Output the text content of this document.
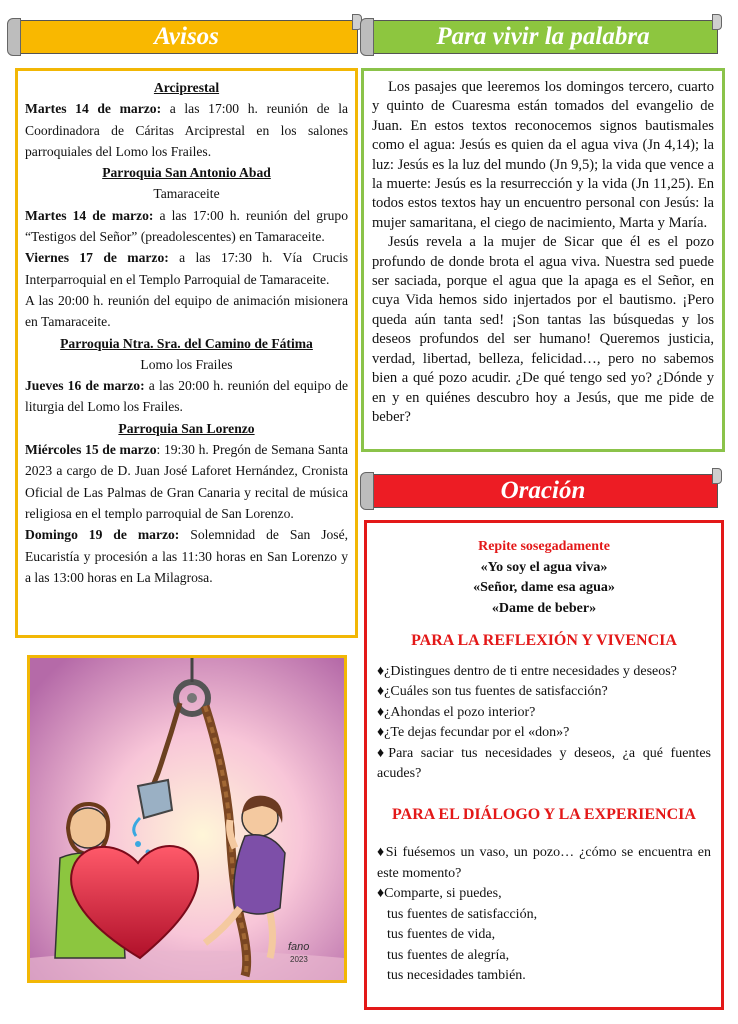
Avisos	Para vivir la palabra
Oración

Arciprestal

Martes 14 de marzo: a las 17:00 h. reunión de la Coordinadora de Cáritas Arciprestal en los salones parroquiales del Lomo los Frailes.

Parroquia San Antonio Abad

Tamaraceite

Martes 14 de marzo: a las 17:00 h. reunión del grupo “Testigos del Señor” (preadolescentes) en Tamaraceite.

Viernes 17 de marzo: a las 17:30 h. Vía Crucis Interparroquial en el Templo Parroquial de Tamaraceite.

A las 20:00 h. reunión del equipo de animación misionera en Tamaraceite.

Parroquia Ntra. Sra. del Camino de Fátima

Lomo los Frailes

Jueves 16 de marzo: a las 20:00 h. reunión del equipo de liturgia del Lomo los Frailes.

Parroquia San Lorenzo

Miércoles 15 de marzo: 19:30 h. Pregón de Semana Santa 2023 a cargo de D. Juan José Laforet Hernández, Cronista Oficial de Las Palmas de Gran Canaria y recital de música religiosa en el templo parroquial de San Lorenzo.

Domingo 19 de marzo: Solemnidad de San José, Eucaristía y procesión a las 11:30 horas en San Lorenzo y a las 13:00 horas en La Milagrosa.

Los pasajes que leeremos los domingos tercero, cuarto y quinto de Cuaresma están tomados del evangelio de Juan. En estos textos reconocemos signos bautismales como el agua: Jesús es quien da el agua viva (Jn 4,14); la luz: Jesús es la luz del mundo (Jn 9,5); la vida que vence a la muerte: Jesús es la resurrección y la vida (Jn 11,25). En todos estos textos hay un encuentro personal con Jesús: la mujer samaritana, el ciego de nacimiento, Marta y María.

Jesús revela a la mujer de Sicar que él es el pozo profundo de donde brota el agua viva. Nuestra sed puede ser saciada, porque el agua que la apaga es el Señor, en cuya Vida hemos sido injertados por el bautismo. ¡Pero queda aún tanta sed! ¡Son tantas las búsquedas y los deseos profundos del ser humano! Queremos justicia, verdad, libertad, belleza, felicidad…, pero no sabemos bien a qué pozo acudir. ¿De qué tengo sed yo? ¿Dónde y en y en quiénes descubro hoy a Jesús, que me pide de beber?

Repite sosegadamente

«Yo soy el agua viva»

«Señor, dame esa agua»

«Dame de beber»

PARA LA REFLEXIÓN Y VIVENCIA

♦¿Distingues dentro de ti entre necesidades y deseos?

♦¿Cuáles son tus fuentes de satisfacción?

♦¿Ahondas el pozo interior?

♦¿Te dejas fecundar por el «don»?

♦Para saciar tus necesidades y deseos, ¿a qué fuentes acudes?

PARA EL DIÁLOGO Y LA EXPERIENCIA

♦Si fuésemos un vaso, un pozo… ¿cómo se encuentra en este momento?

♦Comparte, si puedes,

tus fuentes de satisfacción,

tus fuentes de vida,

tus fuentes de alegría,

tus necesidades también.

fano
2023
